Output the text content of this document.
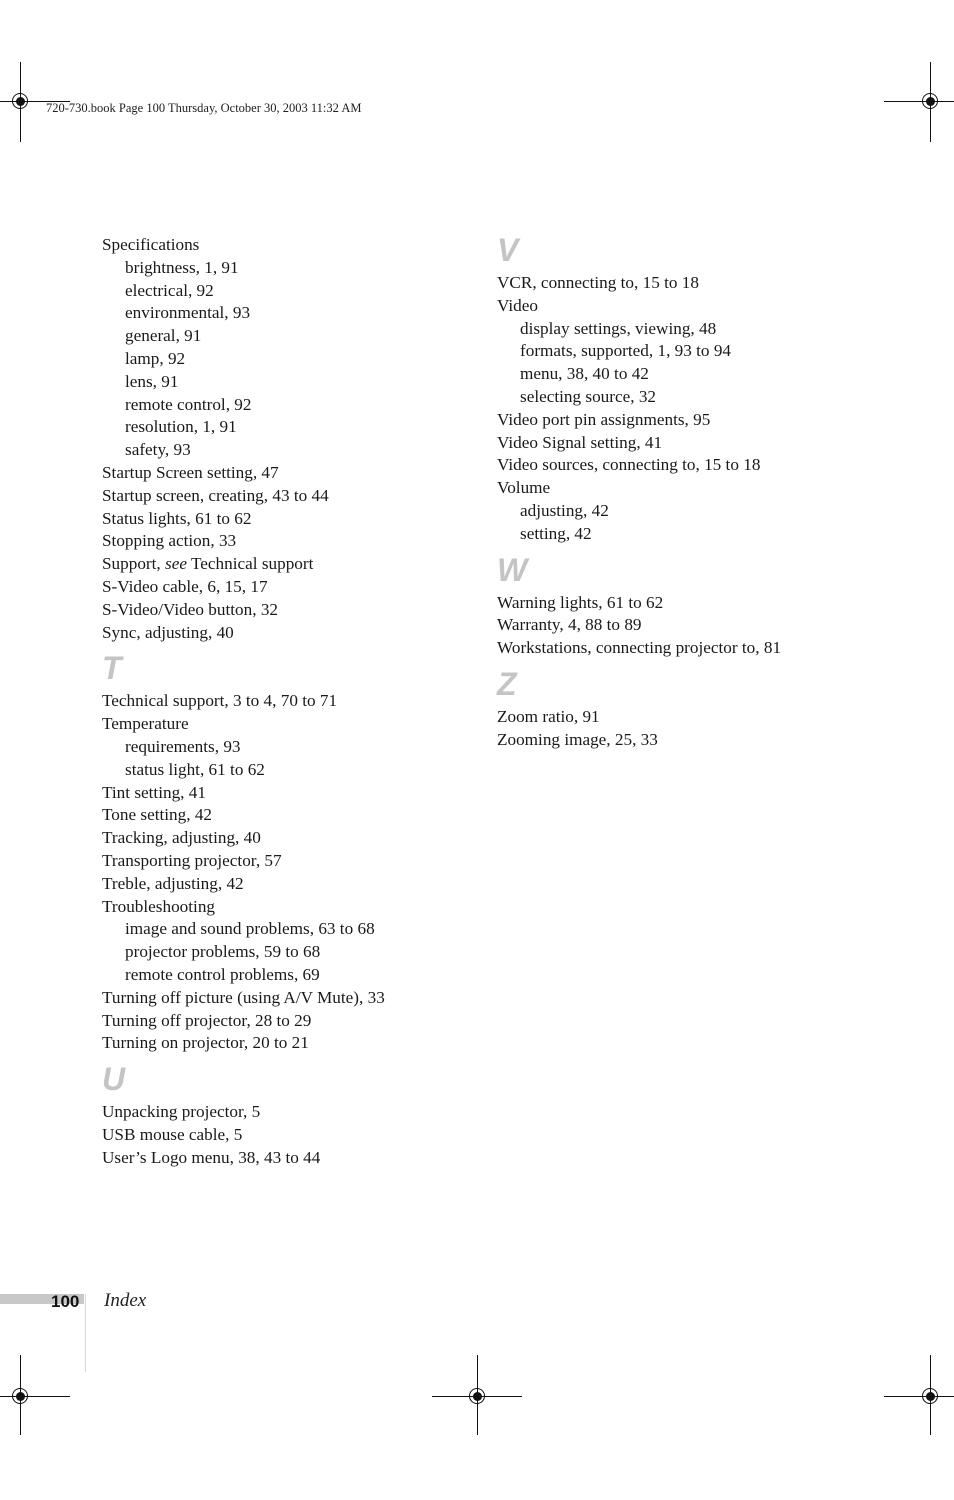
720-730.book Page 100 Thursday, October 30, 2003 11:32 AM
Specifications
brightness, 1, 91
electrical, 92
environmental, 93
general, 91
lamp, 92
lens, 91
remote control, 92
resolution, 1, 91
safety, 93
Startup Screen setting, 47
Startup screen, creating, 43 to 44
Status lights, 61 to 62
Stopping action, 33
Support, see Technical support
S-Video cable, 6, 15, 17
S-Video/Video button, 32
Sync, adjusting, 40
T
Technical support, 3 to 4, 70 to 71
Temperature
requirements, 93
status light, 61 to 62
Tint setting, 41
Tone setting, 42
Tracking, adjusting, 40
Transporting projector, 57
Treble, adjusting, 42
Troubleshooting
image and sound problems, 63 to 68
projector problems, 59 to 68
remote control problems, 69
Turning off picture (using A/V Mute), 33
Turning off projector, 28 to 29
Turning on projector, 20 to 21
U
Unpacking projector, 5
USB mouse cable, 5
User’s Logo menu, 38, 43 to 44
V
VCR, connecting to, 15 to 18
Video
display settings, viewing, 48
formats, supported, 1, 93 to 94
menu, 38, 40 to 42
selecting source, 32
Video port pin assignments, 95
Video Signal setting, 41
Video sources, connecting to, 15 to 18
Volume
adjusting, 42
setting, 42
W
Warning lights, 61 to 62
Warranty, 4, 88 to 89
Workstations, connecting projector to, 81
Z
Zoom ratio, 91
Zooming image, 25, 33
100 Index
